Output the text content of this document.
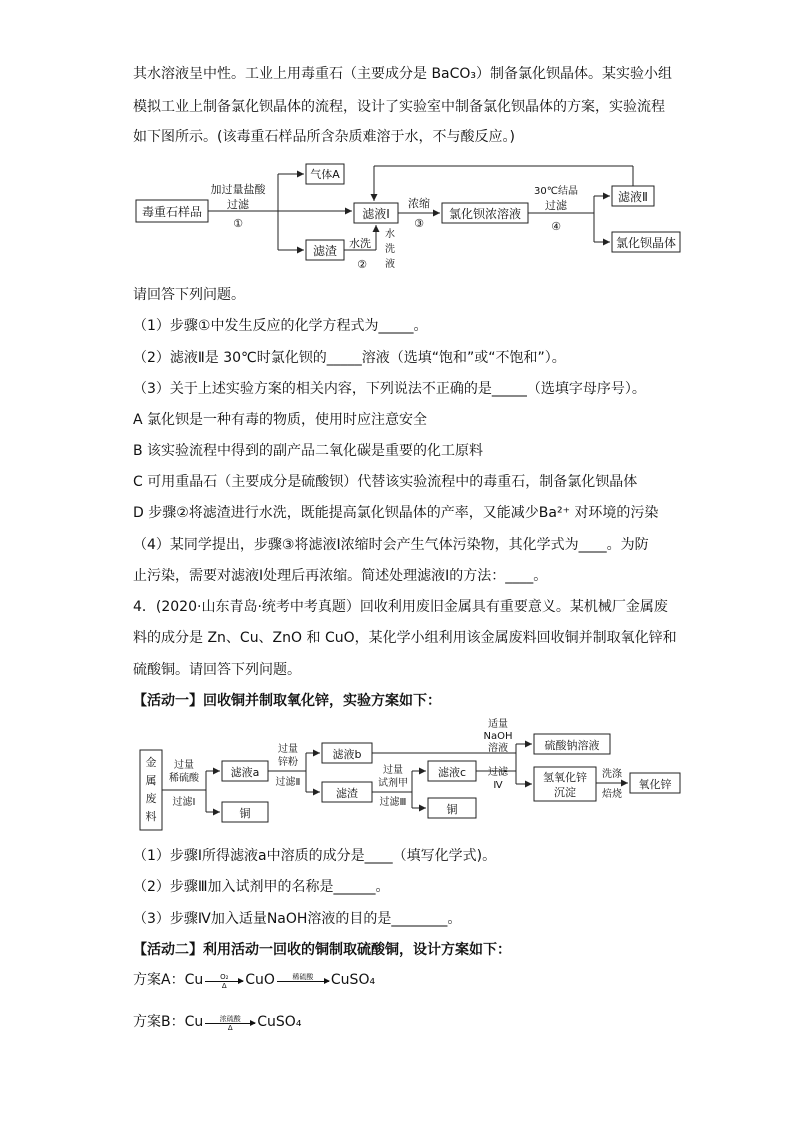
其水溶液呈中性。工业上用毒重石（主要成分是 BaCO₃）制备氯化钡晶体。某实验小组
模拟工业上制备氯化钡晶体的流程，设计了实验室中制备氯化钡晶体的方案，实验流程
如下图所示。(该毒重石样品所含杂质难溶于水，不与酸反应。)
毒重石样品
气体A
滤液Ⅰ
滤渣
氯化钡浓溶液
滤液Ⅱ
氯化钡晶体
加过量盐酸
过滤
①
水洗
②
水
洗
液
浓缩
③
30℃结晶
过滤
④
请回答下列问题。
（1）步骤①中发生反应的化学方程式为_____。
（2）滤液Ⅱ是 30℃时氯化钡的_____溶液（选填“饱和”或“不饱和”）。
（3）关于上述实验方案的相关内容，下列说法不正确的是_____（选填字母序号）。
A 氯化钡是一种有毒的物质，使用时应注意安全
B 该实验流程中得到的副产品二氧化碳是重要的化工原料
C 可用重晶石（主要成分是硫酸钡）代替该实验流程中的毒重石，制备氯化钡晶体
D 步骤②将滤渣进行水洗，既能提高氯化钡晶体的产率，又能减少Ba²⁺ 对环境的污染
（4）某同学提出，步骤③将滤液Ⅰ浓缩时会产生气体污染物，其化学式为____。为防
止污染，需要对滤液Ⅰ处理后再浓缩。简述处理滤液Ⅰ的方法：____。
4．(2020·山东青岛·统考中考真题）回收利用废旧金属具有重要意义。某机械厂金属废
料的成分是 Zn、Cu、ZnO 和 CuO，某化学小组利用该金属废料回收铜并制取氧化锌和
硫酸铜。请回答下列问题。
【活动一】回收铜并制取氧化锌，实验方案如下：
金
属
废
料
滤液a
铜
滤液b
滤渣
滤液c
铜
硫酸钠溶液
氢氧化锌
沉淀
氧化锌
过量
稀硫酸
过滤Ⅰ
过量
锌粉
过滤Ⅱ
过量
试剂甲
过滤Ⅲ
适量
NaOH
溶液
过滤
Ⅳ
洗涤
焙烧
（1）步骤Ⅰ所得滤液a中溶质的成分是____（填写化学式)。
（2）步骤Ⅲ加入试剂甲的名称是______。
（3）步骤Ⅳ加入适量NaOH溶液的目的是________。
【活动二】利用活动一回收的铜制取硫酸铜，设计方案如下：
方案A： Cu O₂
Δ CuO	稀硫酸 CuSO₄
方案B： Cu 浓硫酸
Δ CuSO₄
